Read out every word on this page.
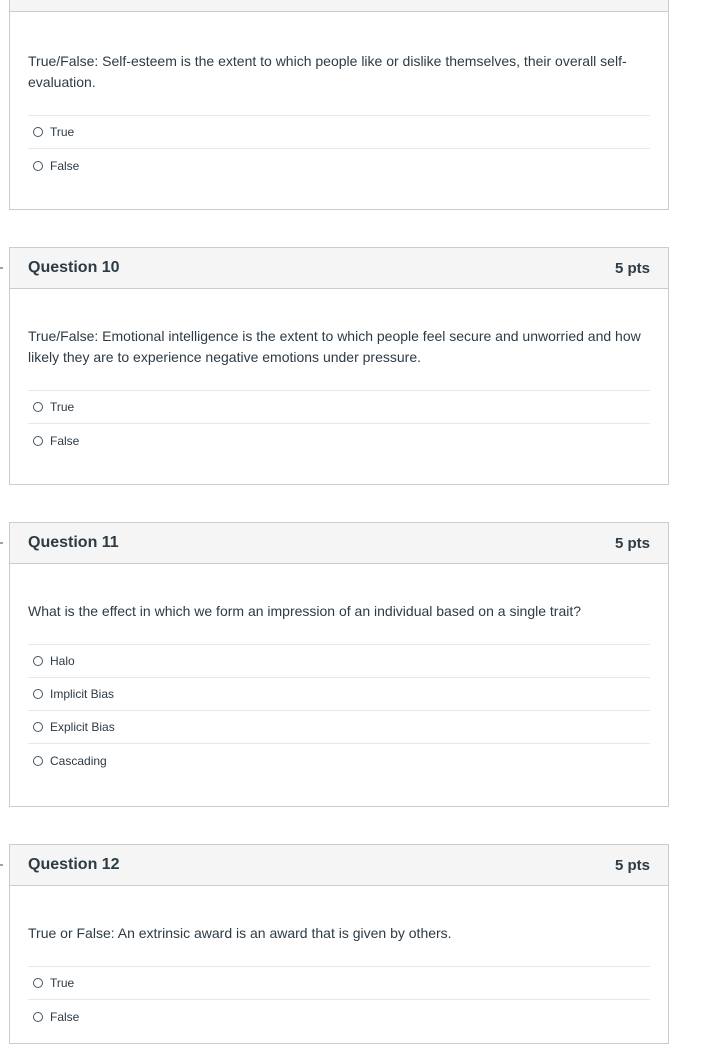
True/False: Self-esteem is the extent to which people like or dislike themselves, their overall self-evaluation.

True
False
Question 10	5 pts

True/False: Emotional intelligence is the extent to which people feel secure and unworried and how likely they are to experience negative emotions under pressure.

True
False
Question 11	5 pts

What is the effect in which we form an impression of an individual based on a single trait?

Halo
Implicit Bias
Explicit Bias
Cascading
Question 12	5 pts

True or False: An extrinsic award is an award that is given by others.

True
False
